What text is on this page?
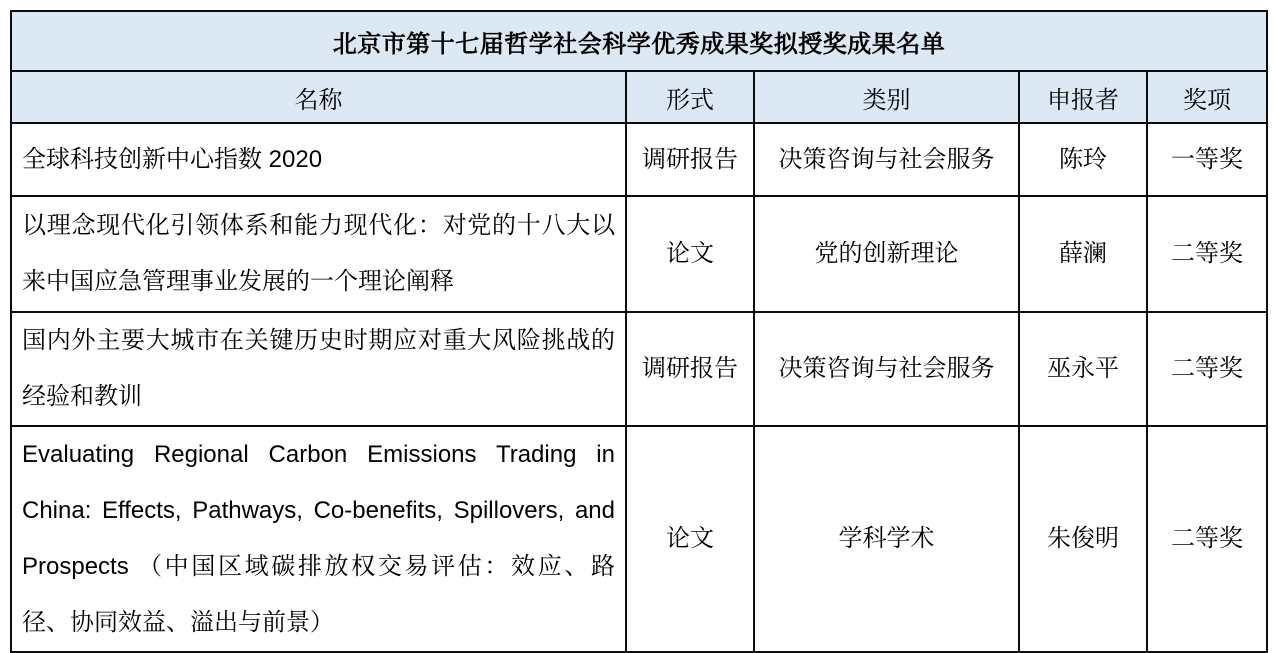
北京市第十七届哲学社会科学优秀成果奖拟授奖成果名单				
名称	形式	类别	申报者	奖项
全球科技创新中心指数 2020	调研报告	决策咨询与社会服务	陈玲	一等奖
以理念现代化引领体系和能力现代化：对党的十八大以来中国应急管理事业发展的一个理论阐释	论文	党的创新理论	薛澜	二等奖
国内外主要大城市在关键历史时期应对重大风险挑战的经验和教训	调研报告	决策咨询与社会服务	巫永平	二等奖
Evaluating Regional Carbon Emissions Trading in China: Effects, Pathways, Co-benefits, Spillovers, and Prospects （中国区域碳排放权交易评估：效应、路径、协同效益、溢出与前景）	论文	学科学术	朱俊明	二等奖
